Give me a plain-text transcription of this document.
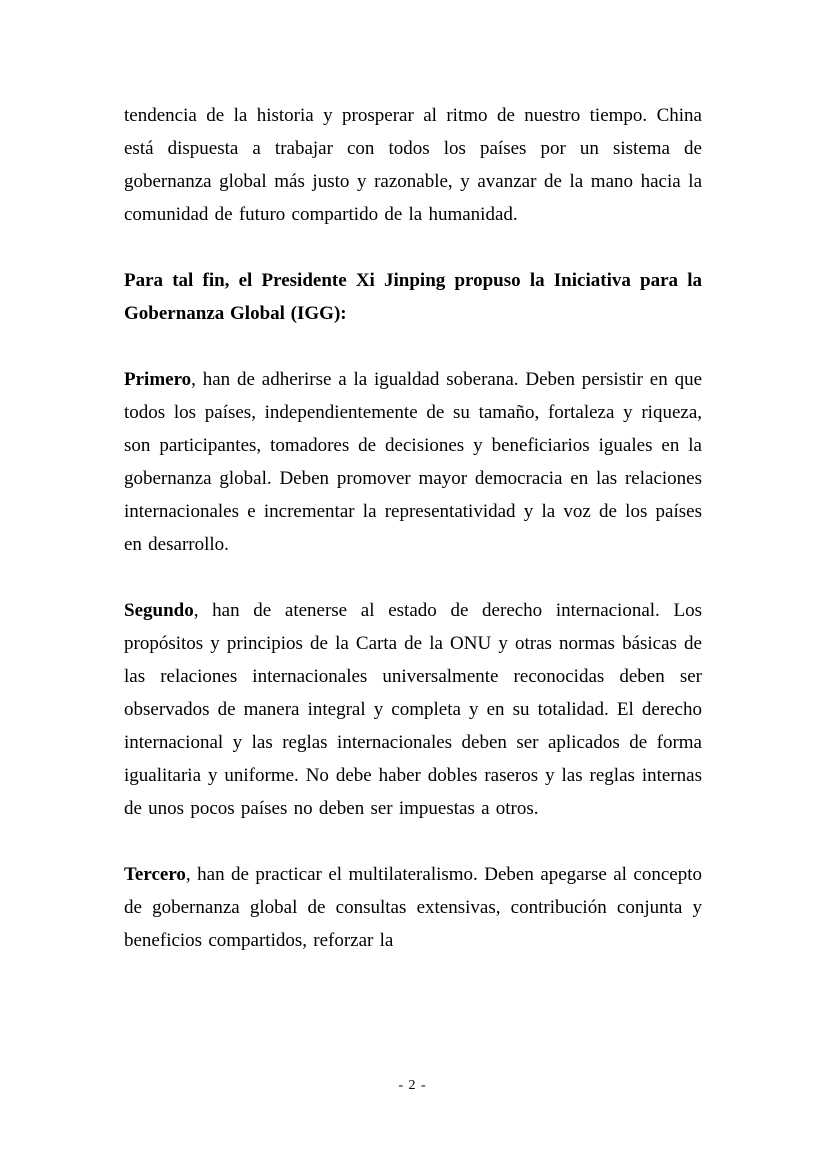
tendencia de la historia y prosperar al ritmo de nuestro tiempo. China está dispuesta a trabajar con todos los países por un sistema de gobernanza global más justo y razonable, y avanzar de la mano hacia la comunidad de futuro compartido de la humanidad.

Para tal fin, el Presidente Xi Jinping propuso la Iniciativa para la Gobernanza Global (IGG):

Primero, han de adherirse a la igualdad soberana. Deben persistir en que todos los países, independientemente de su tamaño, fortaleza y riqueza, son participantes, tomadores de decisiones y beneficiarios iguales en la gobernanza global. Deben promover mayor democracia en las relaciones internacionales e incrementar la representatividad y la voz de los países en desarrollo.

Segundo, han de atenerse al estado de derecho internacional. Los propósitos y principios de la Carta de la ONU y otras normas básicas de las relaciones internacionales universalmente reconocidas deben ser observados de manera integral y completa y en su totalidad. El derecho internacional y las reglas internacionales deben ser aplicados de forma igualitaria y uniforme. No debe haber dobles raseros y las reglas internas de unos pocos países no deben ser impuestas a otros.

Tercero, han de practicar el multilateralismo. Deben apegarse al concepto de gobernanza global de consultas extensivas, contribución conjunta y beneficios compartidos, reforzar la

- 2 -
